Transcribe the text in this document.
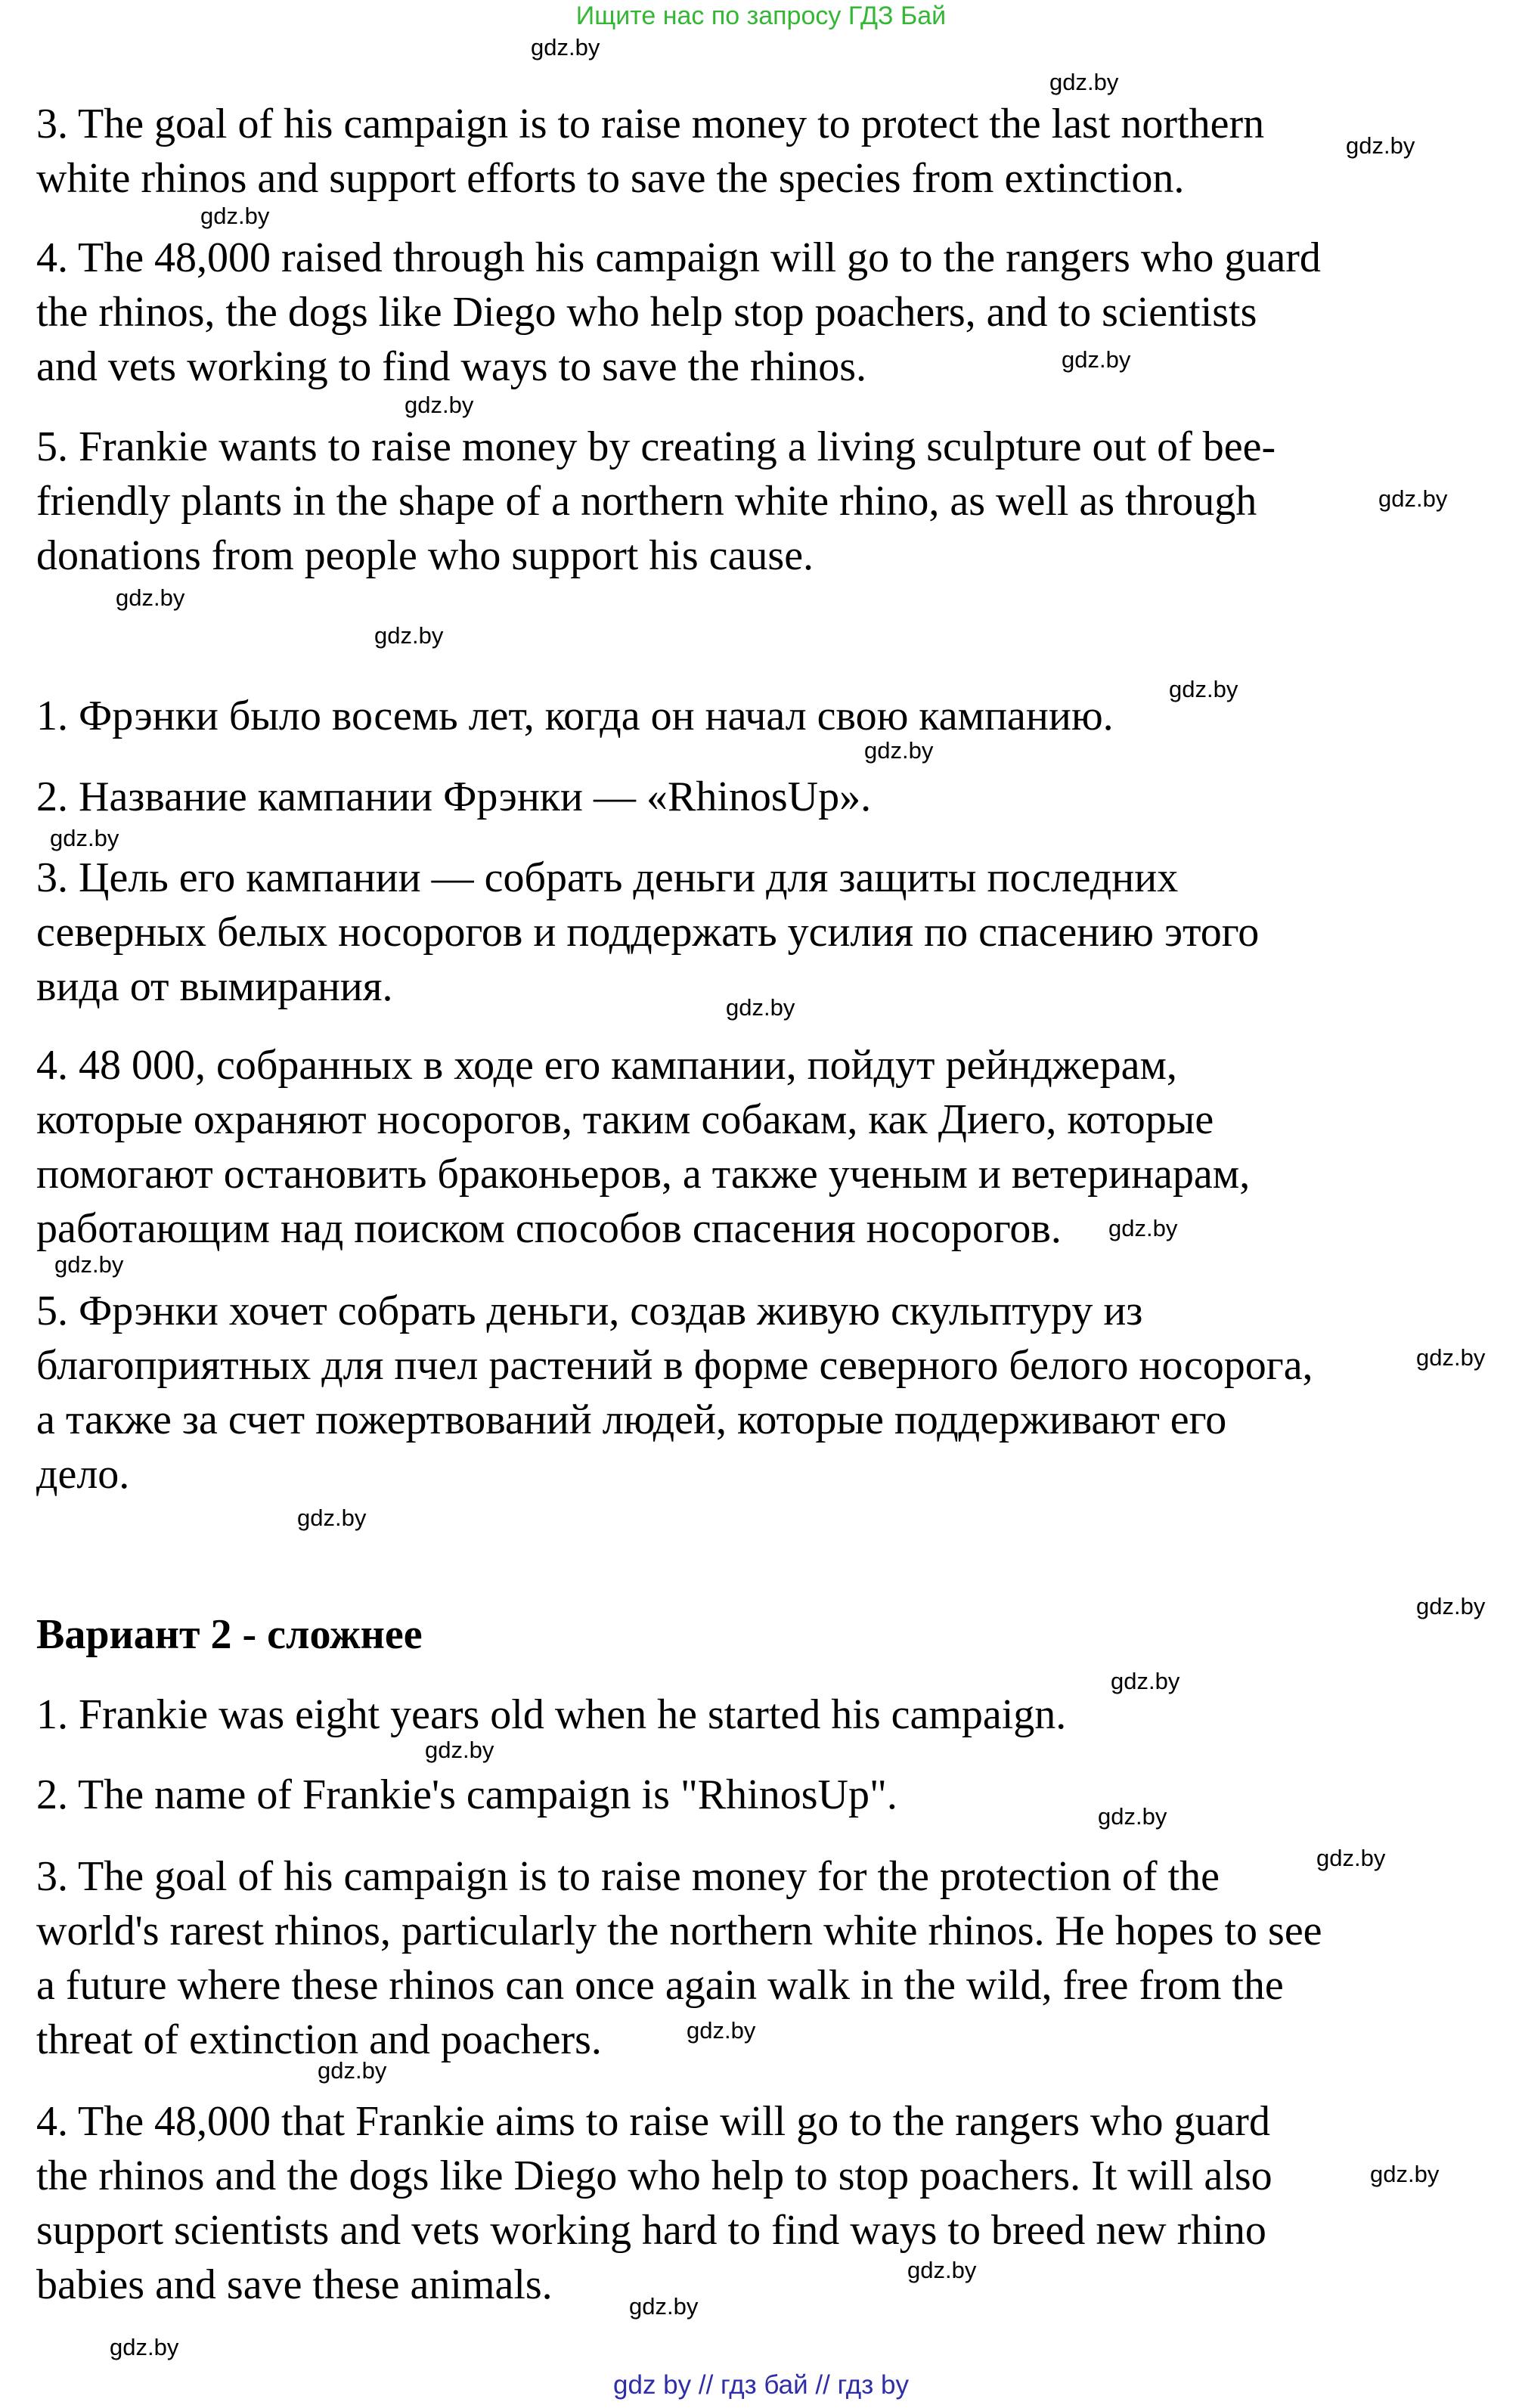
Ищите нас по запросу ГДЗ Бай
3. The goal of his campaign is to raise money to protect the last northern
white rhinos and support efforts to save the species from extinction.
4. The 48,000 raised through his campaign will go to the rangers who guard
the rhinos, the dogs like Diego who help stop poachers, and to scientists
and vets working to find ways to save the rhinos.
5. Frankie wants to raise money by creating a living sculpture out of bee-
friendly plants in the shape of a northern white rhino, as well as through
donations from people who support his cause.
1. Фрэнки было восемь лет, когда он начал свою кампанию.
2. Название кампании Фрэнки — «RhinosUp».
3. Цель его кампании — собрать деньги для защиты последних
северных белых носорогов и поддержать усилия по спасению этого
вида от вымирания.
4. 48 000, собранных в ходе его кампании, пойдут рейнджерам,
которые охраняют носорогов, таким собакам, как Диего, которые
помогают остановить браконьеров, а также ученым и ветеринарам,
работающим над поиском способов спасения носорогов.
5. Фрэнки хочет собрать деньги, создав живую скульптуру из
благоприятных для пчел растений в форме северного белого носорога,
а также за счет пожертвований людей, которые поддерживают его
дело.
Вариант 2 - сложнее
1. Frankie was eight years old when he started his campaign.
2. The name of Frankie's campaign is "RhinosUp".
3. The goal of his campaign is to raise money for the protection of the
world's rarest rhinos, particularly the northern white rhinos. He hopes to see
a future where these rhinos can once again walk in the wild, free from the
threat of extinction and poachers.
4. The 48,000 that Frankie aims to raise will go to the rangers who guard
the rhinos and the dogs like Diego who help to stop poachers. It will also
support scientists and vets working hard to find ways to breed new rhino
babies and save these animals.
gdz.by
gdz.by
gdz.by
gdz.by
gdz.by
gdz.by
gdz.by
gdz.by
gdz.by
gdz.by
gdz.by
gdz.by
gdz.by
gdz.by
gdz.by
gdz.by
gdz.by
gdz.by
gdz.by
gdz.by
gdz.by
gdz.by
gdz.by
gdz.by
gdz.by
gdz.by
gdz.by
gdz.by
gdz by // гдз бай // гдз by
